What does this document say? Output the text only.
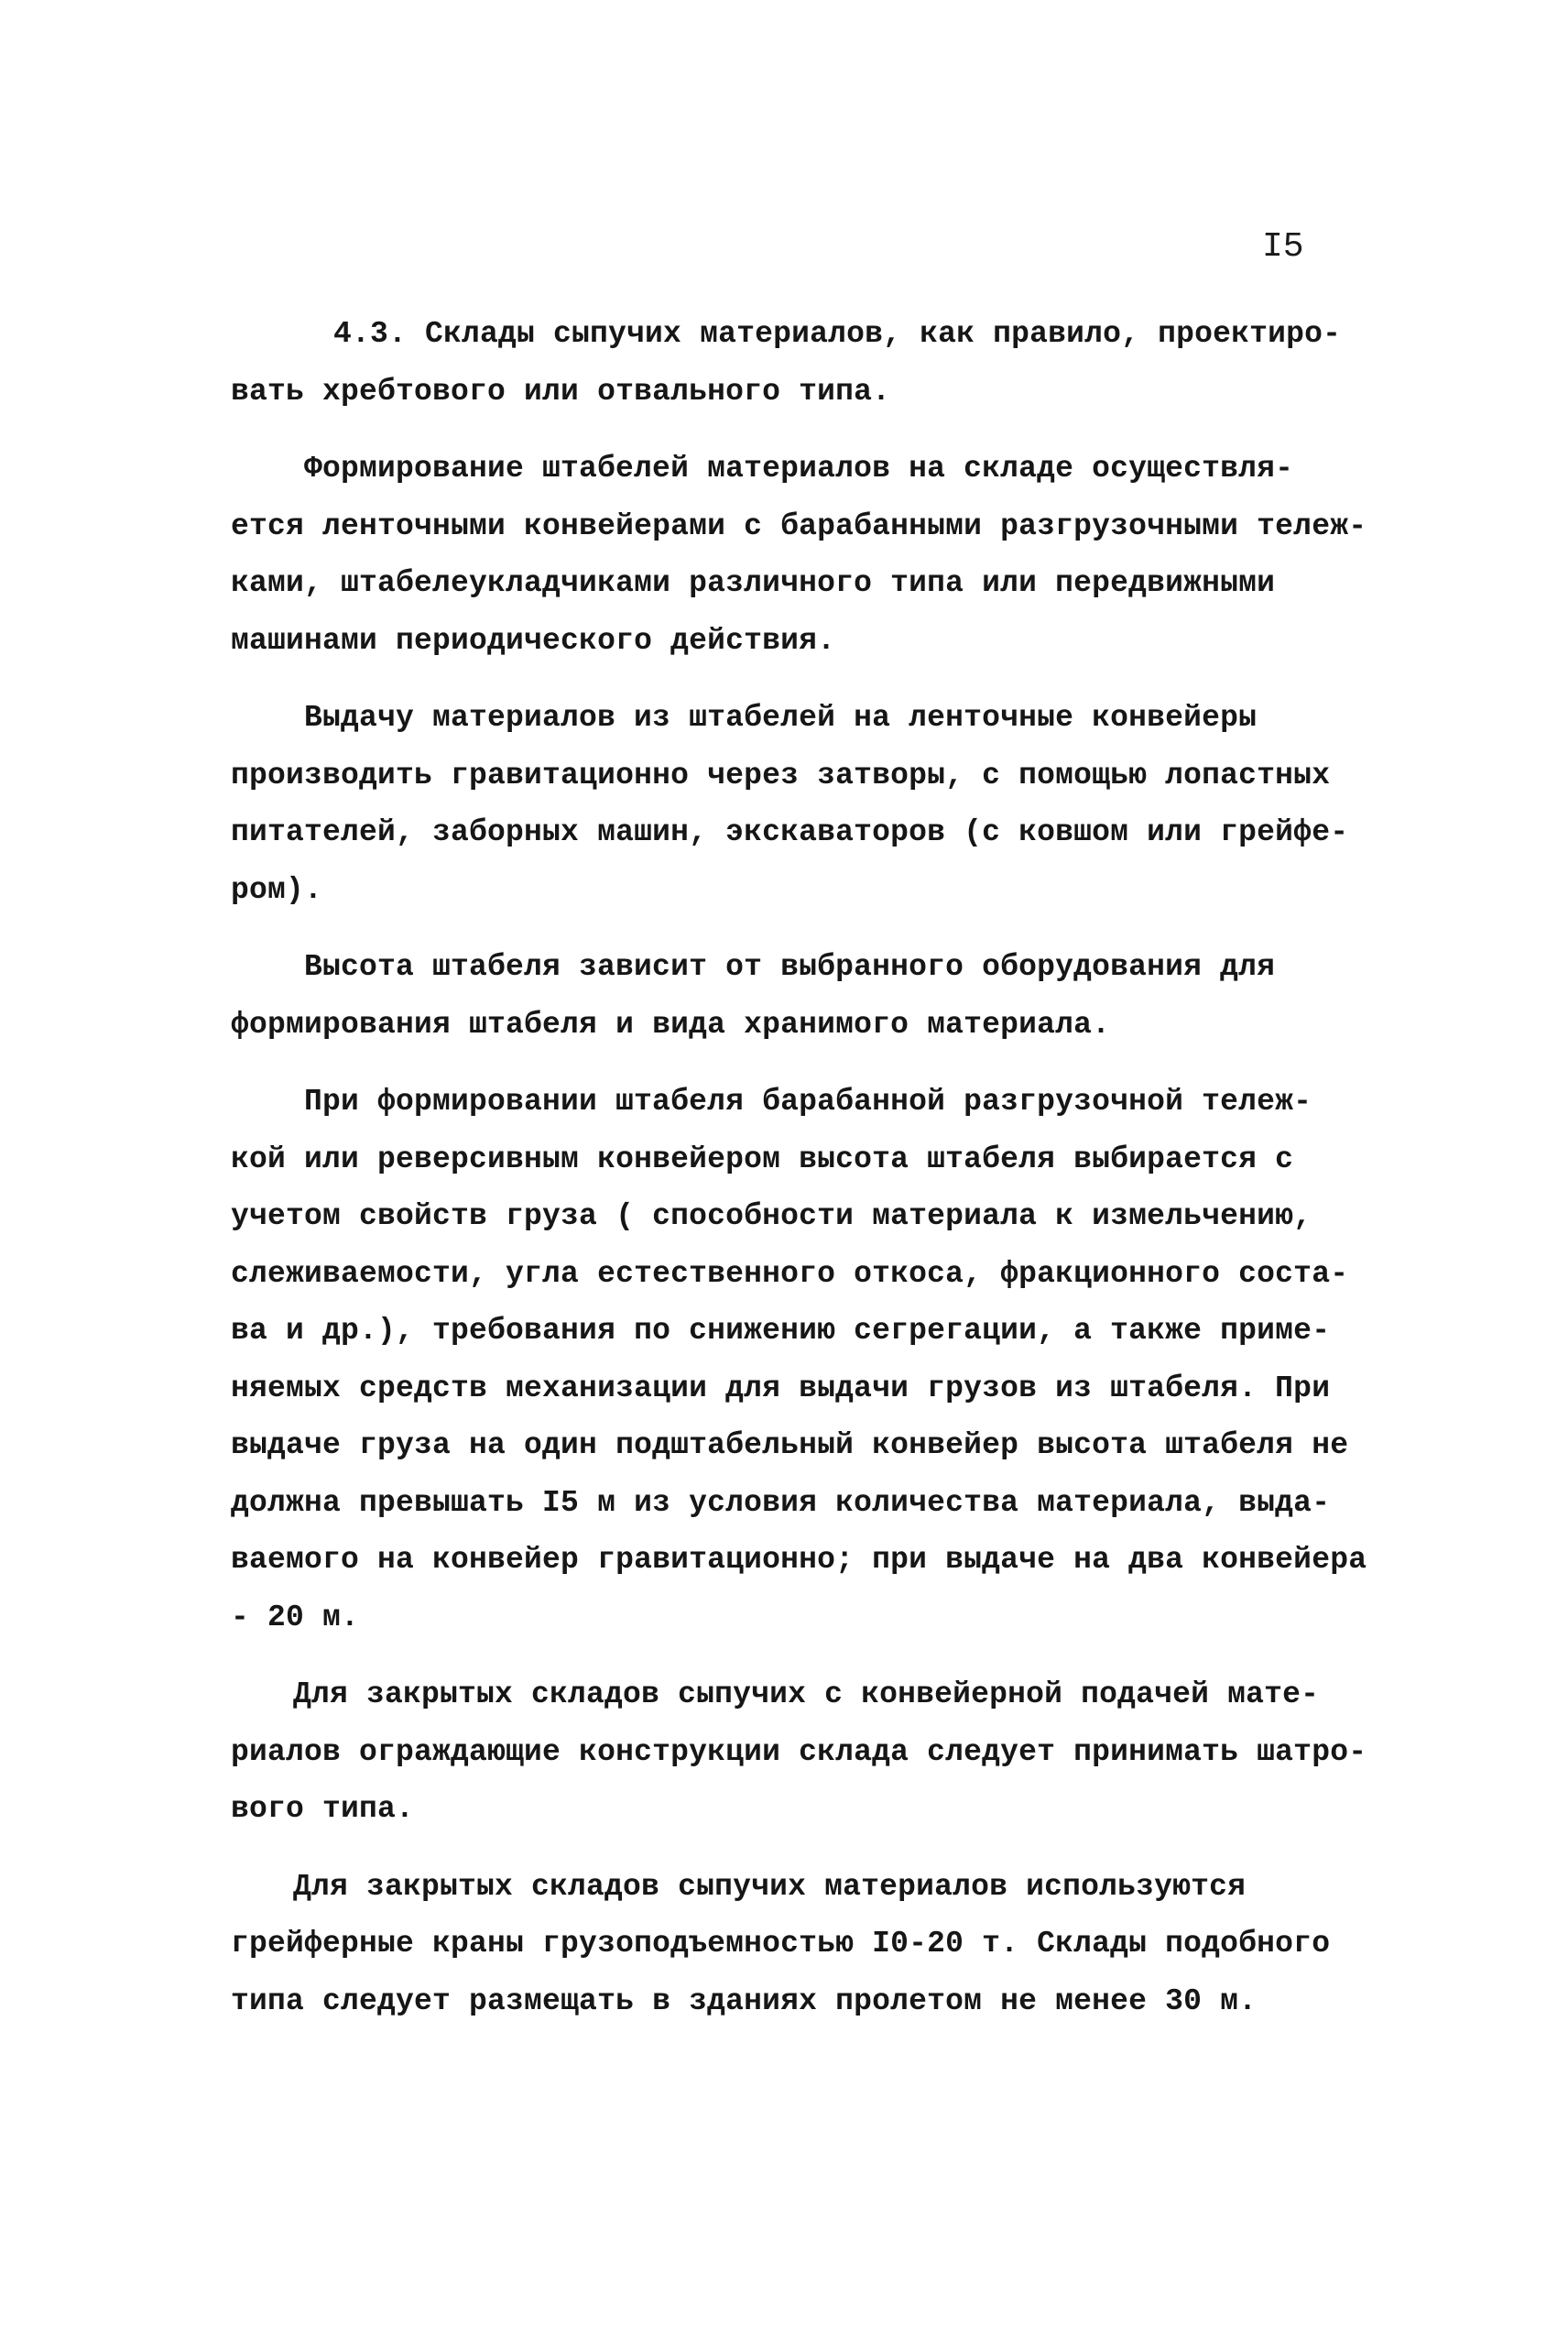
I5

4.3. Склады сыпучих материалов, как правило, проектиро-
вать хребтового или отвального типа.

Формирование штабелей материалов на складе осуществля-
ется ленточными конвейерами с барабанными разгрузочными тележ-
ками, штабелеукладчиками различного типа или передвижными
машинами периодического действия.

Выдачу материалов из штабелей на ленточные конвейеры
производить гравитационно через затворы, с помощью лопастных
питателей, заборных машин, экскаваторов (с ковшом или грейфе-
ром).

Высота штабеля зависит от выбранного оборудования для
формирования штабеля и вида хранимого материала.

При формировании штабеля барабанной разгрузочной тележ-
кой или реверсивным конвейером высота штабеля выбирается с
учетом свойств груза ( способности материала к измельчению,
слеживаемости, угла естественного откоса, фракционного соста-
ва и др.), требования по снижению сегрегации, а также приме-
няемых средств механизации для выдачи грузов из штабеля. При
выдаче груза на один подштабельный конвейер высота штабеля не
должна превышать I5 м из условия количества материала, выда-
ваемого на конвейер гравитационно; при выдаче на два конвейера
- 20 м.

Для закрытых складов сыпучих с конвейерной подачей мате-
риалов ограждающие конструкции склада следует принимать шатро-
вого типа.

Для закрытых складов сыпучих материалов используются
грейферные краны грузоподъемностью I0-20 т. Склады подобного
типа следует размещать в зданиях пролетом не менее 30 м.
